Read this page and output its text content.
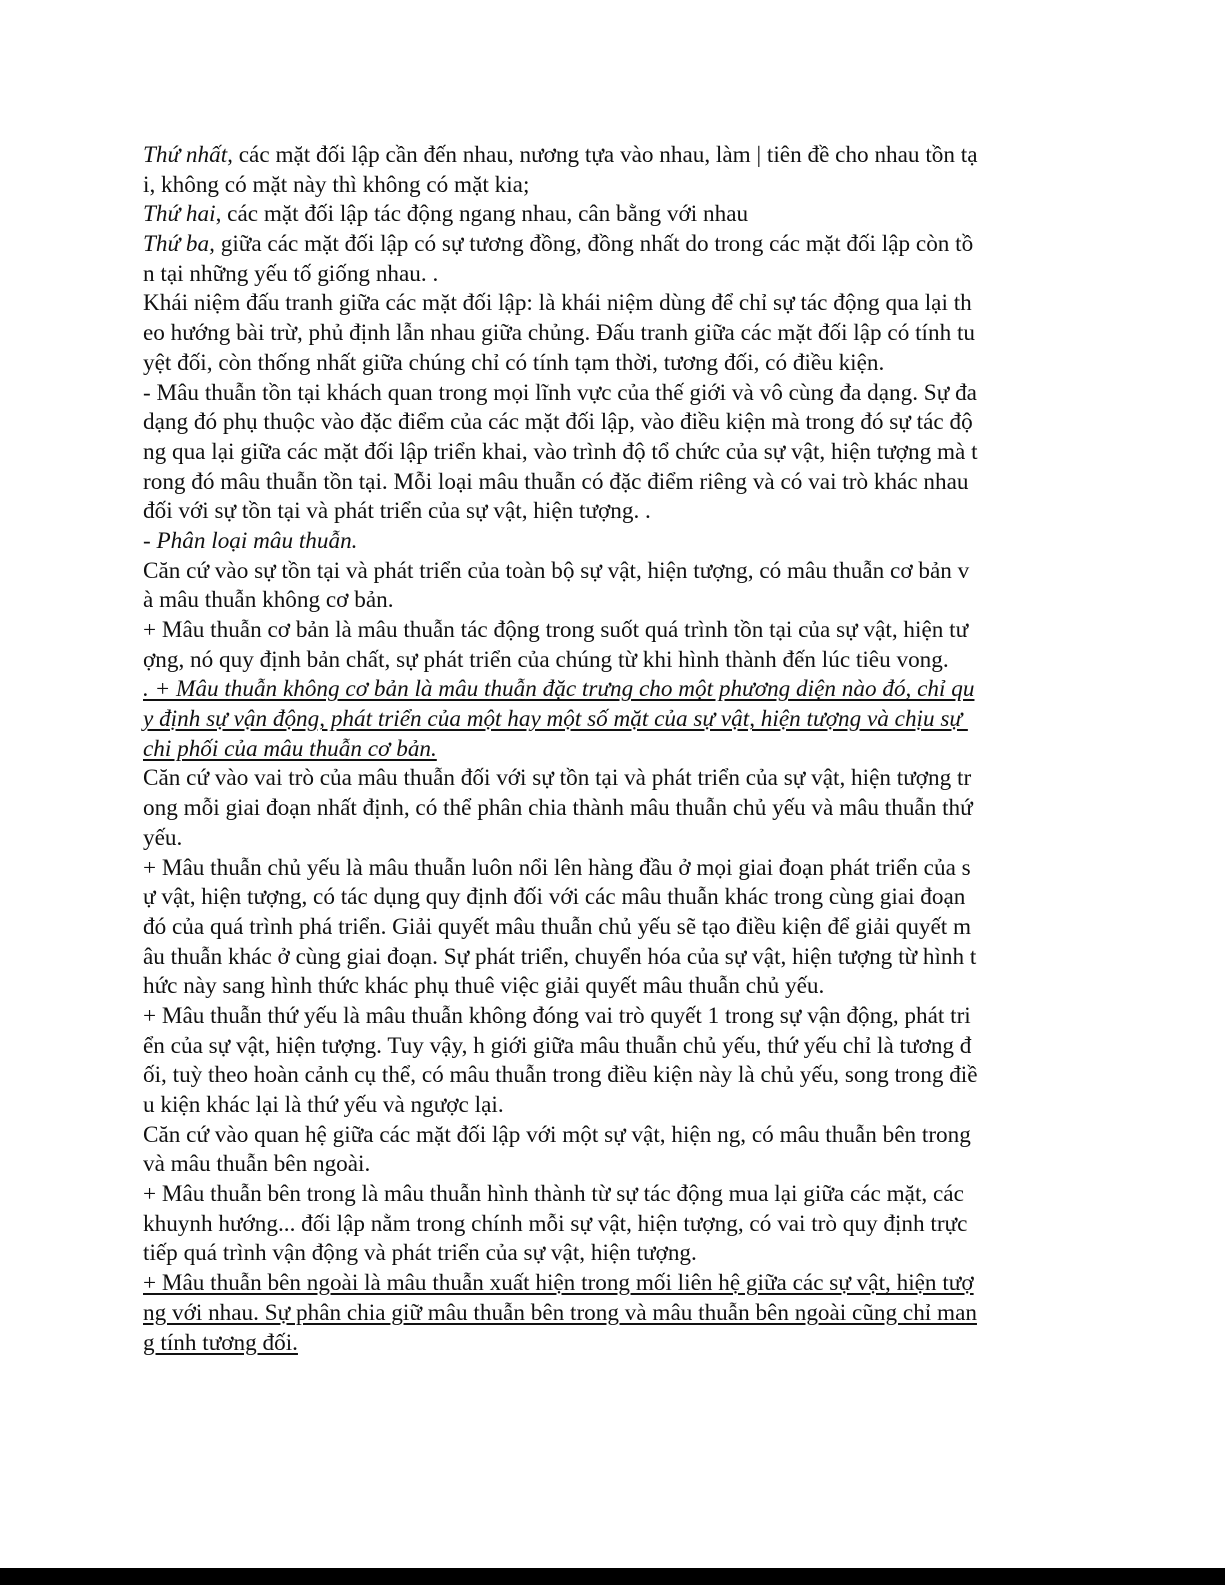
Thứ nhất, các mặt đối lập cần đến nhau, nương tựa vào nhau, làm | tiên đề cho nhau tồn tạ
i, không có mặt này thì không có mặt kia;
Thứ hai, các mặt đối lập tác động ngang nhau, cân bằng với nhau
Thứ ba, giữa các mặt đối lập có sự tương đồng, đồng nhất do trong các mặt đối lập còn tồ
n tại những yếu tố giống nhau. .
Khái niệm đấu tranh giữa các mặt đối lập: là khái niệm dùng để chỉ sự tác động qua lại th
eo hướng bài trừ, phủ định lẫn nhau giữa chủng. Đấu tranh giữa các mặt đối lập có tính tu
yệt đối, còn thống nhất giữa chúng chỉ có tính tạm thời, tương đối, có điều kiện.
- Mâu thuẫn tồn tại khách quan trong mọi lĩnh vực của thế giới và vô cùng đa dạng. Sự đa
dạng đó phụ thuộc vào đặc điểm của các mặt đối lập, vào điều kiện mà trong đó sự tác độ
ng qua lại giữa các mặt đối lập triển khai, vào trình độ tổ chức của sự vật, hiện tượng mà t
rong đó mâu thuẫn tồn tại. Mỗi loại mâu thuẫn có đặc điểm riêng và có vai trò khác nhau
đối với sự tồn tại và phát triển của sự vật, hiện tượng. .
- Phân loại mâu thuẫn.
Căn cứ vào sự tồn tại và phát triển của toàn bộ sự vật, hiện tượng, có mâu thuẫn cơ bản v
à mâu thuẫn không cơ bản.
+ Mâu thuẫn cơ bản là mâu thuẫn tác động trong suốt quá trình tồn tại của sự vật, hiện tư
ợng, nó quy định bản chất, sự phát triển của chúng từ khi hình thành đến lúc tiêu vong.
. + Mâu thuẫn không cơ bản là mâu thuẫn đặc trưng cho một phương diện nào đó, chỉ qu
y định sự vận động, phát triển của một hay một số mặt của sự vật, hiện tượng và chịu sự
chi phối của mâu thuẫn cơ bản.
Căn cứ vào vai trò của mâu thuẫn đối với sự tồn tại và phát triển của sự vật, hiện tượng tr
ong mỗi giai đoạn nhất định, có thể phân chia thành mâu thuẫn chủ yếu và mâu thuẫn thứ
yếu.
+ Mâu thuẫn chủ yếu là mâu thuẫn luôn nổi lên hàng đầu ở mọi giai đoạn phát triển của s
ự vật, hiện tượng, có tác dụng quy định đối với các mâu thuẫn khác trong cùng giai đoạn
đó của quá trình phá triển. Giải quyết mâu thuẫn chủ yếu sẽ tạo điều kiện để giải quyết m
âu thuẫn khác ở cùng giai đoạn. Sự phát triển, chuyển hóa của sự vật, hiện tượng từ hình t
hức này sang hình thức khác phụ thuê việc giải quyết mâu thuẫn chủ yếu.
+ Mâu thuẫn thứ yếu là mâu thuẫn không đóng vai trò quyết 1 trong sự vận động, phát tri
ển của sự vật, hiện tượng. Tuy vậy, h giới giữa mâu thuẫn chủ yếu, thứ yếu chỉ là tương đ
ối, tuỳ theo hoàn cảnh cụ thể, có mâu thuẫn trong điều kiện này là chủ yếu, song trong điề
u kiện khác lại là thứ yếu và ngược lại.
Căn cứ vào quan hệ giữa các mặt đối lập với một sự vật, hiện ng, có mâu thuẫn bên trong
và mâu thuẫn bên ngoài.
+ Mâu thuẫn bên trong là mâu thuẫn hình thành từ sự tác động mua lại giữa các mặt, các
khuynh hướng... đối lập nằm trong chính mỗi sự vật, hiện tượng, có vai trò quy định trực
tiếp quá trình vận động và phát triển của sự vật, hiện tượng.
+ Mâu thuẫn bên ngoài là mâu thuẫn xuất hiện trong mối liên hệ giữa các sự vật, hiện tượ
ng với nhau. Sự phân chia giữ mâu thuẫn bên trong và mâu thuẫn bên ngoài cũng chỉ man
g tính tương đối.
